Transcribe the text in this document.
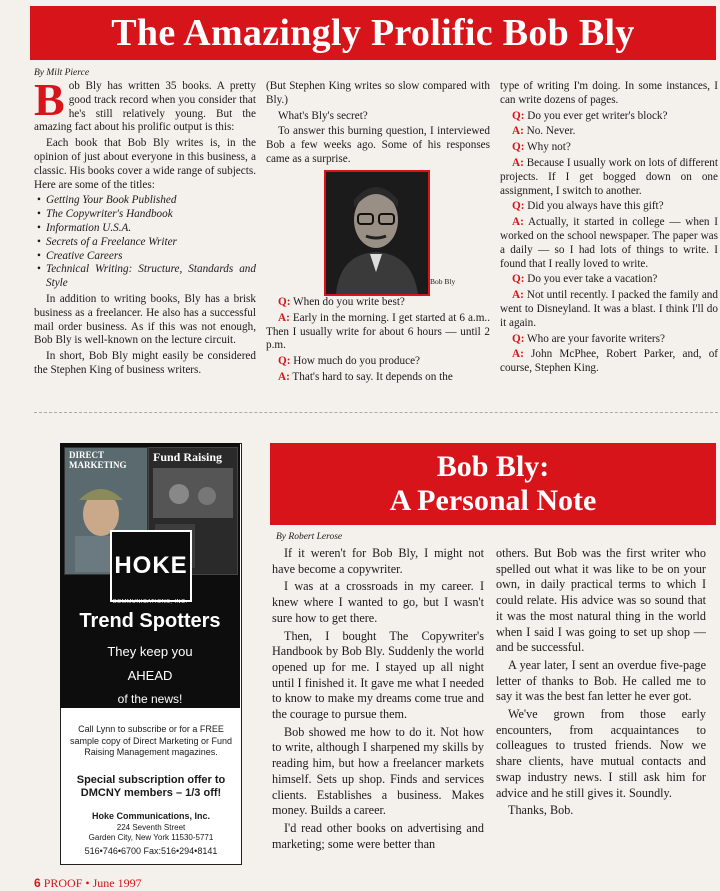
The Amazingly Prolific Bob Bly
By Milt Pierce

Bob Bly has written 35 books. A pretty good track record when you consider that he's still relatively young. But the amazing fact about his prolific output is this:

Each book that Bob Bly writes is, in the opinion of just about everyone in this business, a classic. His books cover a wide range of subjects. Here are some of the titles:

• Getting Your Book Published
• The Copywriter's Handbook
• Information U.S.A.
• Secrets of a Freelance Writer
• Creative Careers
• Technical Writing: Structure, Standards and Style

In addition to writing books, Bly has a brisk business as a freelancer. He also has a successful mail order business. As if this was not enough, Bob Bly is well-known on the lecture circuit.

In short, Bob Bly might easily be considered the Stephen King of business writers.

(But Stephen King writes so slow compared with Bly.)

What's Bly's secret?

To answer this burning question, I interviewed Bob a few weeks ago. Some of his responses came as a surprise.

Bob Bly

Q: When do you write best?

A: Early in the morning. I get started at 6 a.m.. Then I usually write for about 6 hours — until 2 p.m.

Q: How much do you produce?

A: That's hard to say. It depends on the

type of writing I'm doing. In some instances, I can write dozens of pages.

Q: Do you ever get writer's block?

A: No. Never.

Q: Why not?

A: Because I usually work on lots of different projects. If I get bogged down on one assignment, I switch to another.

Q: Did you always have this gift?

A: Actually, it started in college — when I worked on the school newspaper. The paper was a daily — so I had lots of things to write. I found that I really loved to write.

Q: Do you ever take a vacation?

A: Not until recently. I packed the family and went to Disneyland. It was a blast. I think I'll do it again.

Q: Who are your favorite writers?

A: John McPhee, Robert Parker, and, of course, Stephen King.

DIRECT MARKETING
Fund Raising
HOKE
COMMUNICATIONS, INC.
Trend Spotters
They keep you
AHEAD
of the news!
Call Lynn to subscribe or for a FREE sample copy of Direct Marketing or Fund Raising Management magazines.
Special subscription offer to DMCNY members – 1/3 off!
Hoke Communications, Inc.
224 Seventh Street
Garden City, New York 11530-5771
516•746•6700 Fax:516•294•8141
Bob Bly:
A Personal Note
By Robert Lerose

If it weren't for Bob Bly, I might not have become a copywriter.

I was at a crossroads in my career. I knew where I wanted to go, but I wasn't sure how to get there.

Then, I bought The Copywriter's Handbook by Bob Bly. Suddenly the world opened up for me. I stayed up all night until I finished it. It gave me what I needed to know to make my dreams come true and the courage to pursue them.

Bob showed me how to do it. Not how to write, although I sharpened my skills by reading him, but how a freelancer markets himself. Sets up shop. Finds and services clients. Establishes a business. Makes money. Builds a career.

I'd read other books on advertising and marketing; some were better than

others. But Bob was the first writer who spelled out what it was like to be on your own, in daily practical terms to which I could relate. His advice was so sound that it was the most natural thing in the world when I said I was going to set up shop — and be successful.

A year later, I sent an overdue five-page letter of thanks to Bob. He called me to say it was the best fan letter he ever got.

We've grown from those early encounters, from acquaintances to colleagues to trusted friends. Now we share clients, have mutual contacts and swap industry news. I still ask him for advice and he still gives it. Soundly.

Thanks, Bob.

6 PROOF • June 1997
